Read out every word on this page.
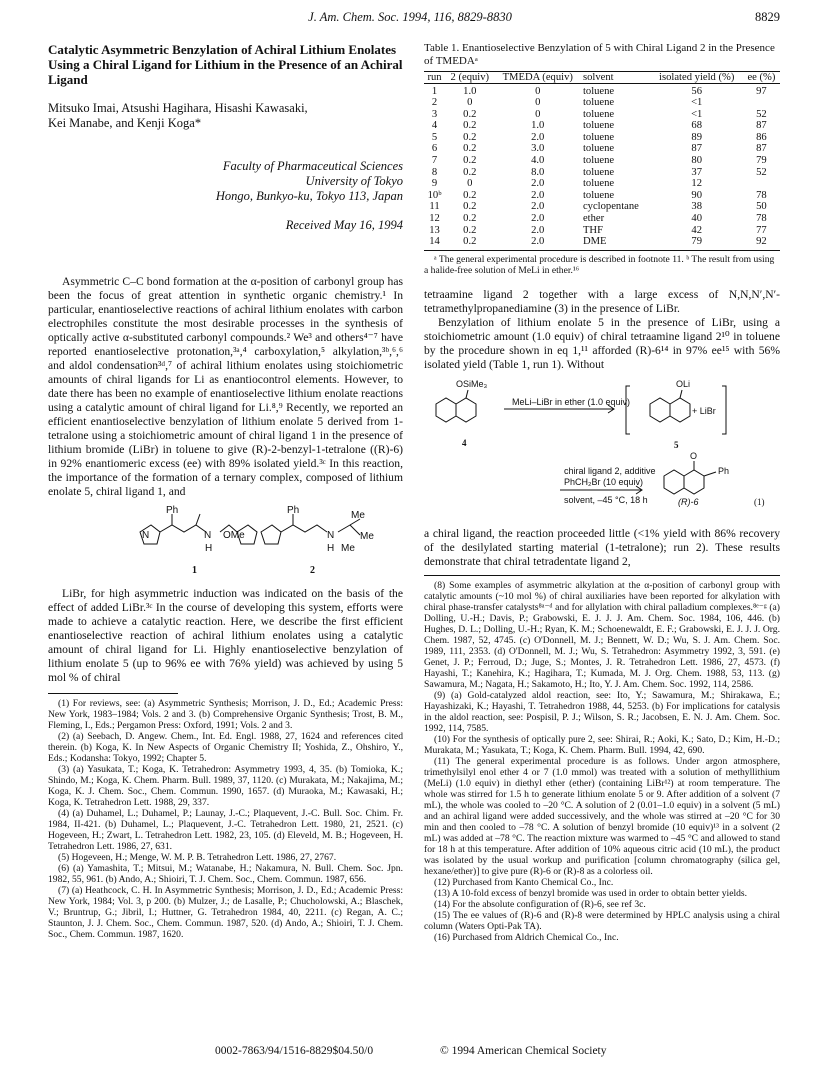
J. Am. Chem. Soc. 1994, 116, 8829-8830	8829
Catalytic Asymmetric Benzylation of Achiral Lithium Enolates Using a Chiral Ligand for Lithium in the Presence of an Achiral Ligand
Mitsuko Imai, Atsushi Hagihara, Hisashi Kawasaki,
Kei Manabe, and Kenji Koga*
Faculty of Pharmaceutical Sciences
University of Tokyo
Hongo, Bunkyo-ku, Tokyo 113, Japan
Received May 16, 1994

Asymmetric C–C bond formation at the α-position of carbonyl group has been the focus of great attention in synthetic organic chemistry.¹ In particular, enantioselective reactions of achiral lithium enolates with carbon electrophiles constitute the most desirable processes in the synthesis of optically active α-substituted carbonyl compounds.² We³ and others⁴⁻⁷ have reported enantioselective protonation,³ᵃ,⁴ carboxylation,⁵ alkylation,³ᵇ,⁶,⁶ and aldol condensation³ᵈ,⁷ of achiral lithium enolates using stoichiometric amounts of chiral ligands for Li as enantiocontrol elements. However, to date there has been no example of enantioselective lithium enolate reactions using a catalytic amount of chiral ligand for Li.⁸,⁹ Recently, we reported an efficient enantioselective benzylation of lithium enolate 5 derived from 1-tetralone using a stoichiometric amount of chiral ligand 1 in the presence of lithium bromide (LiBr) in toluene to give (R)-2-benzyl-1-tetralone ((R)-6) in 92% enantiomeric excess (ee) with 89% isolated yield.³ᶜ In this reaction, the importance of the formation of a ternary complex, composed of lithium enolate 5, chiral ligand 1, and

N
Ph
N
H
OMe
Ph
N
H Me
Me
Me
1	2

LiBr, for high asymmetric induction was indicated on the basis of the effect of added LiBr.³ᶜ In the course of developing this system, efforts were made to achieve a catalytic reaction. Here, we describe the first efficient enantioselective reaction of achiral lithium enolates using a catalytic amount of chiral ligand for Li. Highly enantioselective benzylation of lithium enolate 5 (up to 96% ee with 76% yield) was achieved by using 5 mol % of chiral

(1) For reviews, see: (a) Asymmetric Synthesis; Morrison, J. D., Ed.; Academic Press: New York, 1983–1984; Vols. 2 and 3. (b) Comprehensive Organic Synthesis; Trost, B. M., Fleming, I., Eds.; Pergamon Press: Oxford, 1991; Vols. 2 and 3.
(2) (a) Seebach, D. Angew. Chem., Int. Ed. Engl. 1988, 27, 1624 and references cited therein. (b) Koga, K. In New Aspects of Organic Chemistry II; Yoshida, Z., Ohshiro, Y., Eds.; Kodansha: Tokyo, 1992; Chapter 5.
(3) (a) Yasukata, T.; Koga, K. Tetrahedron: Asymmetry 1993, 4, 35. (b) Tomioka, K.; Shindo, M.; Koga, K. Chem. Pharm. Bull. 1989, 37, 1120. (c) Murakata, M.; Nakajima, M.; Koga, K. J. Chem. Soc., Chem. Commun. 1990, 1657. (d) Muraoka, M.; Kawasaki, H.; Koga, K. Tetrahedron Lett. 1988, 29, 337.
(4) (a) Duhamel, L.; Duhamel, P.; Launay, J.-C.; Plaquevent, J.-C. Bull. Soc. Chim. Fr. 1984, II-421. (b) Duhamel, L.; Plaquevent, J.-C. Tetrahedron Lett. 1980, 21, 2521. (c) Hogeveen, H.; Zwart, L. Tetrahedron Lett. 1982, 23, 105. (d) Eleveld, M. B.; Hogeveen, H. Tetrahedron Lett. 1986, 27, 631.
(5) Hogeveen, H.; Menge, W. M. P. B. Tetrahedron Lett. 1986, 27, 2767.
(6) (a) Yamashita, T.; Mitsui, M.; Watanabe, H.; Nakamura, N. Bull. Chem. Soc. Jpn. 1982, 55, 961. (b) Ando, A.; Shioiri, T. J. Chem. Soc., Chem. Commun. 1987, 656.
(7) (a) Heathcock, C. H. In Asymmetric Synthesis; Morrison, J. D., Ed.; Academic Press: New York, 1984; Vol. 3, p 200. (b) Mulzer, J.; de Lasalle, P.; Chucholowski, A.; Blaschek, V.; Bruntrup, G.; Jibril, I.; Huttner, G. Tetrahedron 1984, 40, 2211. (c) Regan, A. C.; Staunton, J. J. Chem. Soc., Chem. Commun. 1987, 520. (d) Ando, A.; Shioiri, T. J. Chem. Soc., Chem. Commun. 1987, 1620.
Table 1. Enantioselective Benzylation of 5 with Chiral Ligand 2 in the Presence of TMEDAᵃ
run	2 (equiv)	TMEDA (equiv)	solvent	isolated yield (%)	ee (%)

1	1.0	0	toluene	56	97
2	0	0	toluene	<1	
3	0.2	0	toluene	<1	52
4	0.2	1.0	toluene	68	87
5	0.2	2.0	toluene	89	86
6	0.2	3.0	toluene	87	87
7	0.2	4.0	toluene	80	79
8	0.2	8.0	toluene	37	52
9	0	2.0	toluene	12	
10ᵇ	0.2	2.0	toluene	90	78
11	0.2	2.0	cyclopentane	38	50
12	0.2	2.0	ether	40	78
13	0.2	2.0	THF	42	77
14	0.2	2.0	DME	79	92
ᵃ The general experimental procedure is described in footnote 11. ᵇ The result from using a halide-free solution of MeLi in ether.¹⁶

tetraamine ligand 2 together with a large excess of N,N,N′,N′-tetramethylpropanediamine (3) in the presence of LiBr.

Benzylation of lithium enolate 5 in the presence of LiBr, using a stoichiometric amount (1.0 equiv) of chiral tetraamine ligand 2¹⁰ in toluene by the procedure shown in eq 1,¹¹ afforded (R)-6¹⁴ in 97% ee¹⁵ with 56% isolated yield (Table 1, run 1). Without

OSiMe₃
MeLi–LiBr in ether (1.0 equiv)
OLi
+ LiBr
4	5
chiral ligand 2, additive
PhCH₂Br (10 equiv)
solvent, –45 °C, 18 h
O
Ph
(R)-6	(1)

a chiral ligand, the reaction proceeded little (<1% yield with 86% recovery of the desilylated starting material (1-tetralone); run 2). These results demonstrate that chiral tetradentate ligand 2,

(8) Some examples of asymmetric alkylation at the α-position of carbonyl group with catalytic amounts (~10 mol %) of chiral auxiliaries have been reported for alkylation with chiral phase-transfer catalysts⁸ᵃ⁻ᵈ and for allylation with chiral palladium complexes.⁸ᵉ⁻ᵍ (a) Dolling, U.-H.; Davis, P.; Grabowski, E. J. J. J. Am. Chem. Soc. 1984, 106, 446. (b) Hughes, D. L.; Dolling, U.-H.; Ryan, K. M.; Schoenewaldt, E. F.; Grabowski, E. J. J. J. Org. Chem. 1987, 52, 4745. (c) O'Donnell, M. J.; Bennett, W. D.; Wu, S. J. Am. Chem. Soc. 1989, 111, 2353. (d) O'Donnell, M. J.; Wu, S. Tetrahedron: Asymmetry 1992, 3, 591. (e) Genet, J. P.; Ferroud, D.; Juge, S.; Montes, J. R. Tetrahedron Lett. 1986, 27, 4573. (f) Hayashi, T.; Kanehira, K.; Hagihara, T.; Kumada, M. J. Org. Chem. 1988, 53, 113. (g) Sawamura, M.; Nagata, H.; Sakamoto, H.; Ito, Y. J. Am. Chem. Soc. 1992, 114, 2586.
(9) (a) Gold-catalyzed aldol reaction, see: Ito, Y.; Sawamura, M.; Shirakawa, E.; Hayashizaki, K.; Hayashi, T. Tetrahedron 1988, 44, 5253. (b) For implications for catalysis in the aldol reaction, see: Pospisil, P. J.; Wilson, S. R.; Jacobsen, E. N. J. Am. Chem. Soc. 1992, 114, 7585.
(10) For the synthesis of optically pure 2, see: Shirai, R.; Aoki, K.; Sato, D.; Kim, H.-D.; Murakata, M.; Yasukata, T.; Koga, K. Chem. Pharm. Bull. 1994, 42, 690.
(11) The general experimental procedure is as follows. Under argon atmosphere, trimethylsilyl enol ether 4 or 7 (1.0 mmol) was treated with a solution of methyllithium (MeLi) (1.0 equiv) in diethyl ether (ether) (containing LiBr¹²) at room temperature. The whole was stirred for 1.5 h to generate lithium enolate 5 or 9. After addition of a solvent (7 mL), the whole was cooled to –20 °C. A solution of 2 (0.01–1.0 equiv) in a solvent (5 mL) and an achiral ligand were added successively, and the whole was stirred at –20 °C for 30 min and then cooled to –78 °C. A solution of benzyl bromide (10 equiv)¹³ in a solvent (2 mL) was added at –78 °C. The reaction mixture was warmed to –45 °C and allowed to stand for 18 h at this temperature. After addition of 10% aqueous citric acid (10 mL), the product was isolated by the usual workup and purification [column chromatography (silica gel, hexane/ether)] to give pure (R)-6 or (R)-8 as a colorless oil.
(12) Purchased from Kanto Chemical Co., Inc.
(13) A 10-fold excess of benzyl bromide was used in order to obtain better yields.
(14) For the absolute configuration of (R)-6, see ref 3c.
(15) The ee values of (R)-6 and (R)-8 were determined by HPLC analysis using a chiral column (Waters Opti-Pak TA).
(16) Purchased from Aldrich Chemical Co., Inc.
0002-7863/94/1516-8829$04.50/0	© 1994 American Chemical Society
